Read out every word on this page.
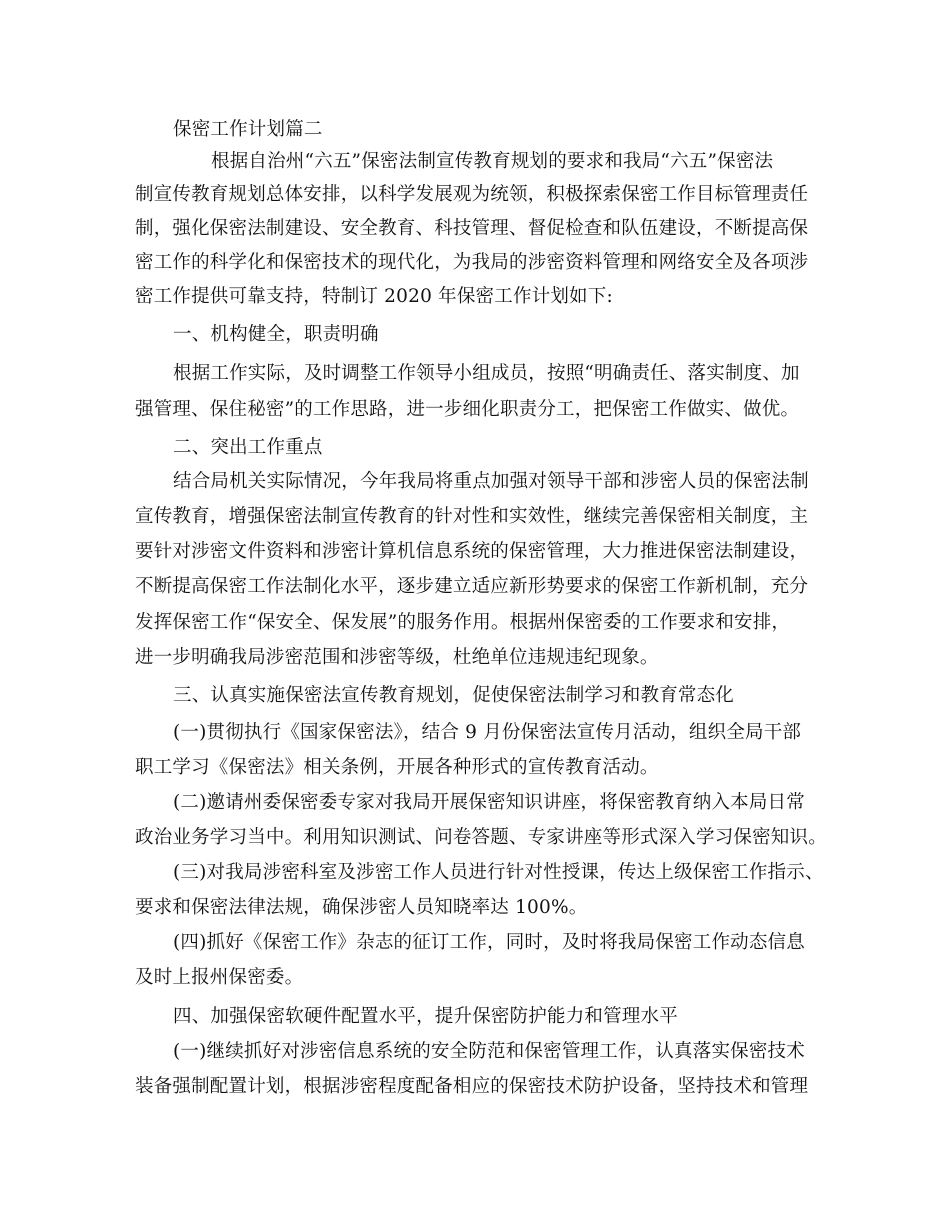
保密工作计划篇二
根据自治州“六五”保密法制宣传教育规划的要求和我局“六五”保密法
制宣传教育规划总体安排，以科学发展观为统领，积极探索保密工作目标管理责任
制，强化保密法制建设、安全教育、科技管理、督促检查和队伍建设，不断提高保
密工作的科学化和保密技术的现代化，为我局的涉密资料管理和网络安全及各项涉
密工作提供可靠支持，特制订 2020 年保密工作计划如下:
一、机构健全，职责明确
根据工作实际，及时调整工作领导小组成员，按照“明确责任、落实制度、加
强管理、保住秘密”的工作思路，进一步细化职责分工，把保密工作做实、做优。
二、突出工作重点
结合局机关实际情况，今年我局将重点加强对领导干部和涉密人员的保密法制
宣传教育，增强保密法制宣传教育的针对性和实效性，继续完善保密相关制度，主
要针对涉密文件资料和涉密计算机信息系统的保密管理，大力推进保密法制建设，
不断提高保密工作法制化水平，逐步建立适应新形势要求的保密工作新机制，充分
发挥保密工作“保安全、保发展”的服务作用。根据州保密委的工作要求和安排，
进一步明确我局涉密范围和涉密等级，杜绝单位违规违纪现象。
三、认真实施保密法宣传教育规划，促使保密法制学习和教育常态化
(一)贯彻执行《国家保密法》，结合 9 月份保密法宣传月活动，组织全局干部
职工学习《保密法》相关条例，开展各种形式的宣传教育活动。
(二)邀请州委保密委专家对我局开展保密知识讲座，将保密教育纳入本局日常
政治业务学习当中。利用知识测试、问卷答题、专家讲座等形式深入学习保密知识。
(三)对我局涉密科室及涉密工作人员进行针对性授课，传达上级保密工作指示、
要求和保密法律法规，确保涉密人员知晓率达 100%。
(四)抓好《保密工作》杂志的征订工作，同时，及时将我局保密工作动态信息
及时上报州保密委。
四、加强保密软硬件配置水平，提升保密防护能力和管理水平
(一)继续抓好对涉密信息系统的安全防范和保密管理工作，认真落实保密技术
装备强制配置计划，根据涉密程度配备相应的保密技术防护设备，坚持技术和管理
